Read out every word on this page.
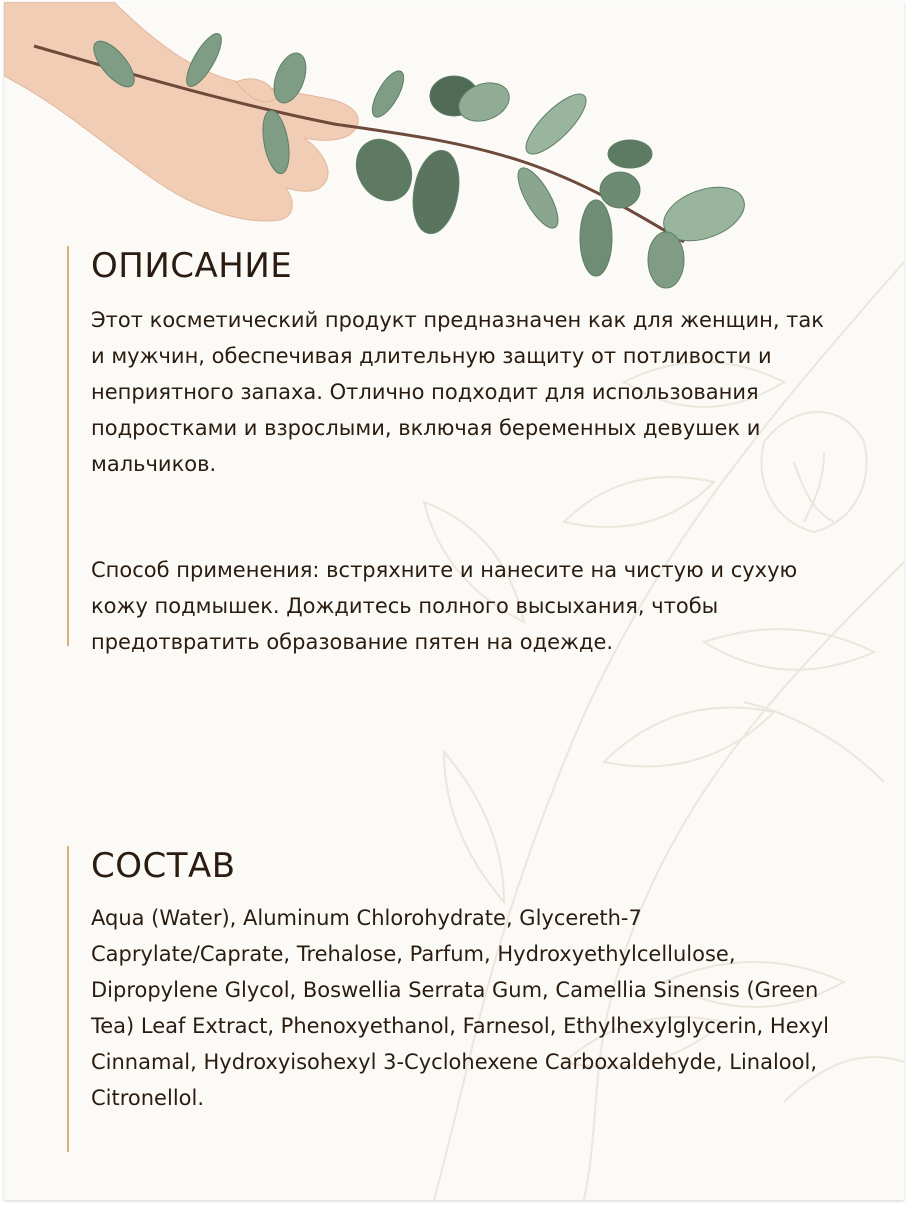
ОПИСАНИЕ

Этот косметический продукт предназначен как для женщин, так и мужчин, обеспечивая длительную защиту от потливости и неприятного запаха. Отлично подходит для использования подростками и взрослыми, включая беременных девушек и мальчиков.

Способ применения: встряхните и нанесите на чистую и сухую кожу подмышек. Дождитесь полного высыхания, чтобы предотвратить образование пятен на одежде.

СОСТАВ

Aqua (Water), Aluminum Chlorohydrate, Glycereth-7 Caprylate/Caprate, Trehalose, Parfum, Hydroxyethylcellulose, Dipropylene Glycol, Boswellia Serrata Gum, Camellia Sinensis (Green Tea) Leaf Extract, Phenoxyethanol, Farnesol, Ethylhexylglycerin, Hexyl Cinnamal, Hydroxyisohexyl 3-Cyclohexene Carboxaldehyde, Linalool, Citronellol.
